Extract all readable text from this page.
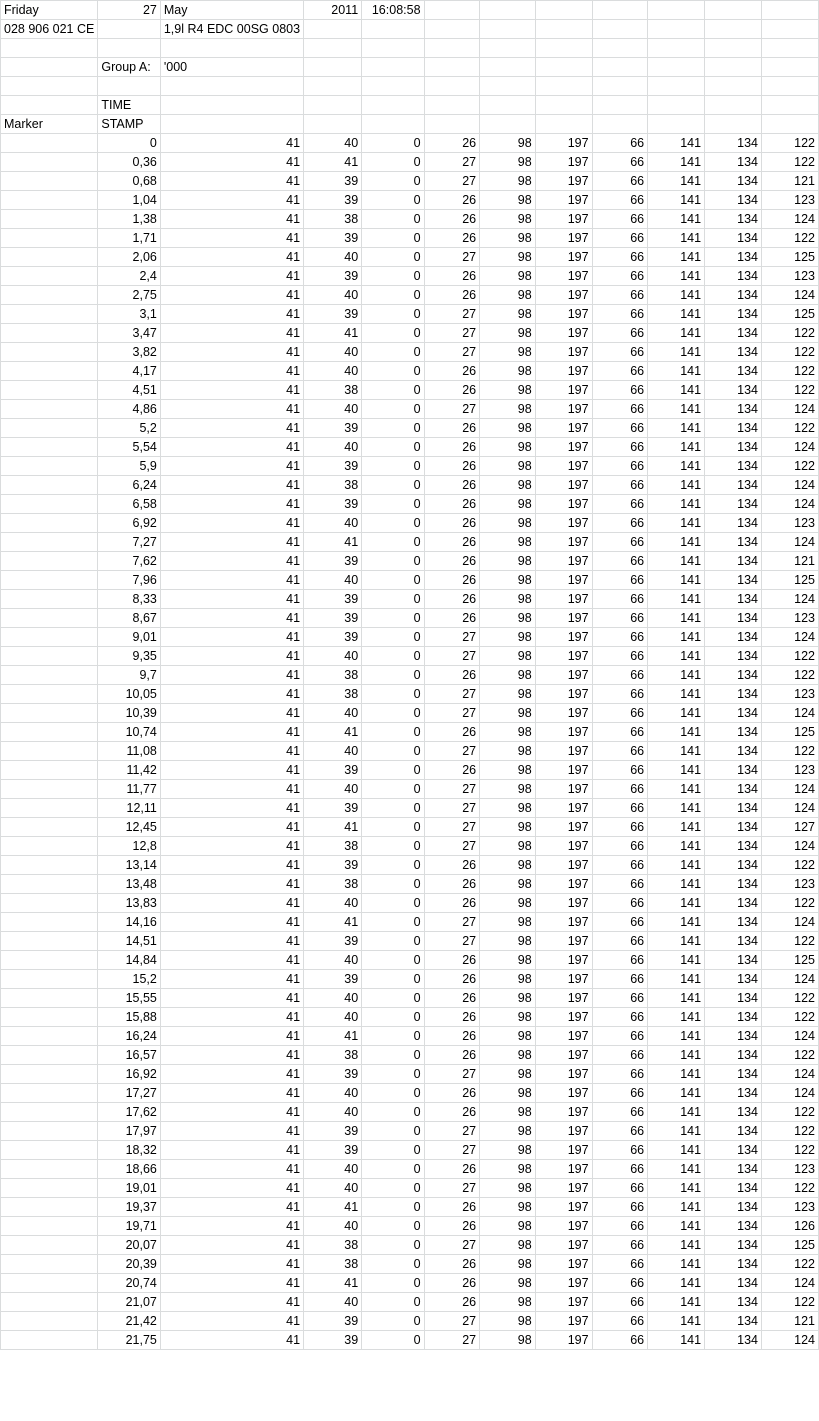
Friday	27	May	2011	16:08:58							
028 906 021 CE		1,9l R4 EDC 00SG 0803									

	Group A:	'000									

	TIME										
Marker	STAMP										
	0	41	40	0	26	98	197	66	141	134	122
	0,36	41	41	0	27	98	197	66	141	134	122
	0,68	41	39	0	27	98	197	66	141	134	121
	1,04	41	39	0	26	98	197	66	141	134	123
	1,38	41	38	0	26	98	197	66	141	134	124
	1,71	41	39	0	26	98	197	66	141	134	122
	2,06	41	40	0	27	98	197	66	141	134	125
	2,4	41	39	0	26	98	197	66	141	134	123
	2,75	41	40	0	26	98	197	66	141	134	124
	3,1	41	39	0	27	98	197	66	141	134	125
	3,47	41	41	0	27	98	197	66	141	134	122
	3,82	41	40	0	27	98	197	66	141	134	122
	4,17	41	40	0	26	98	197	66	141	134	122
	4,51	41	38	0	26	98	197	66	141	134	122
	4,86	41	40	0	27	98	197	66	141	134	124
	5,2	41	39	0	26	98	197	66	141	134	122
	5,54	41	40	0	26	98	197	66	141	134	124
	5,9	41	39	0	26	98	197	66	141	134	122
	6,24	41	38	0	26	98	197	66	141	134	124
	6,58	41	39	0	26	98	197	66	141	134	124
	6,92	41	40	0	26	98	197	66	141	134	123
	7,27	41	41	0	26	98	197	66	141	134	124
	7,62	41	39	0	26	98	197	66	141	134	121
	7,96	41	40	0	26	98	197	66	141	134	125
	8,33	41	39	0	26	98	197	66	141	134	124
	8,67	41	39	0	26	98	197	66	141	134	123
	9,01	41	39	0	27	98	197	66	141	134	124
	9,35	41	40	0	27	98	197	66	141	134	122
	9,7	41	38	0	26	98	197	66	141	134	122
	10,05	41	38	0	27	98	197	66	141	134	123
	10,39	41	40	0	27	98	197	66	141	134	124
	10,74	41	41	0	26	98	197	66	141	134	125
	11,08	41	40	0	27	98	197	66	141	134	122
	11,42	41	39	0	26	98	197	66	141	134	123
	11,77	41	40	0	27	98	197	66	141	134	124
	12,11	41	39	0	27	98	197	66	141	134	124
	12,45	41	41	0	27	98	197	66	141	134	127
	12,8	41	38	0	27	98	197	66	141	134	124
	13,14	41	39	0	26	98	197	66	141	134	122
	13,48	41	38	0	26	98	197	66	141	134	123
	13,83	41	40	0	26	98	197	66	141	134	122
	14,16	41	41	0	27	98	197	66	141	134	124
	14,51	41	39	0	27	98	197	66	141	134	122
	14,84	41	40	0	26	98	197	66	141	134	125
	15,2	41	39	0	26	98	197	66	141	134	124
	15,55	41	40	0	26	98	197	66	141	134	122
	15,88	41	40	0	26	98	197	66	141	134	122
	16,24	41	41	0	26	98	197	66	141	134	124
	16,57	41	38	0	26	98	197	66	141	134	122
	16,92	41	39	0	27	98	197	66	141	134	124
	17,27	41	40	0	26	98	197	66	141	134	124
	17,62	41	40	0	26	98	197	66	141	134	122
	17,97	41	39	0	27	98	197	66	141	134	122
	18,32	41	39	0	27	98	197	66	141	134	122
	18,66	41	40	0	26	98	197	66	141	134	123
	19,01	41	40	0	27	98	197	66	141	134	122
	19,37	41	41	0	26	98	197	66	141	134	123
	19,71	41	40	0	26	98	197	66	141	134	126
	20,07	41	38	0	27	98	197	66	141	134	125
	20,39	41	38	0	26	98	197	66	141	134	122
	20,74	41	41	0	26	98	197	66	141	134	124
	21,07	41	40	0	26	98	197	66	141	134	122
	21,42	41	39	0	27	98	197	66	141	134	121
	21,75	41	39	0	27	98	197	66	141	134	124
